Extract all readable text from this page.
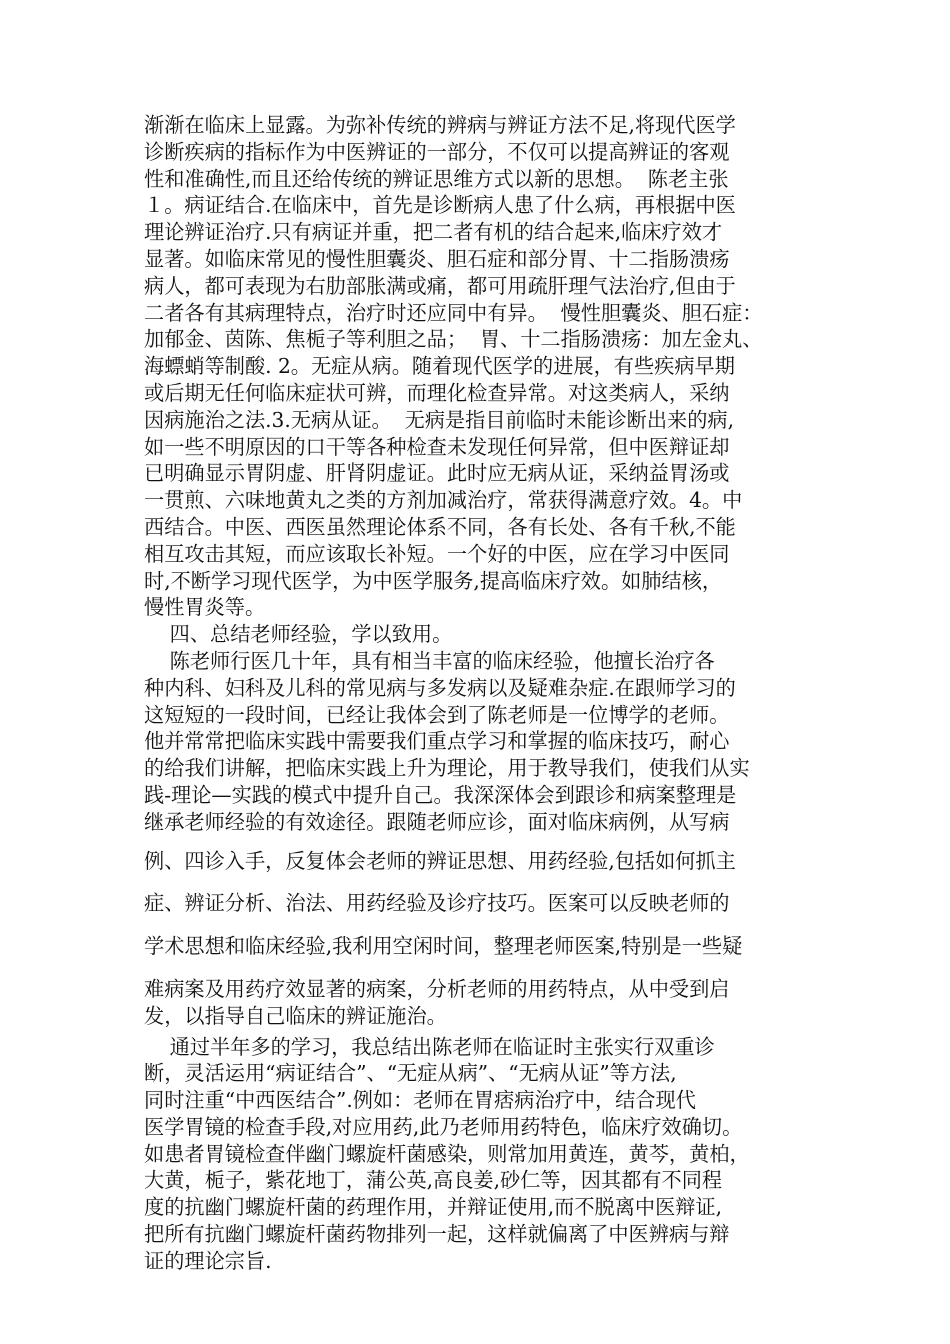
渐渐在临床上显露。为弥补传统的辨病与辨证方法不足,将现代医学
诊断疾病的指标作为中医辨证的一部分，不仅可以提高辨证的客观
性和准确性,而且还给传统的辨证思维方式以新的思想。  陈老主张
１。病证结合.在临床中，首先是诊断病人患了什么病，再根据中医
理论辨证治疗.只有病证并重，把二者有机的结合起来,临床疗效才
显著。如临床常见的慢性胆囊炎、胆石症和部分胃、十二指肠溃疡
病人，都可表现为右肋部胀满或痛，都可用疏肝理气法治疗,但由于
二者各有其病理特点，治疗时还应同中有异。  慢性胆囊炎、胆石症：
加郁金、茵陈、焦栀子等利胆之品；  胃、十二指肠溃疡：加左金丸、
海螵蛸等制酸. 2。无症从病。随着现代医学的进展，有些疾病早期
或后期无任何临床症状可辨，而理化检查异常。对这类病人，采纳
因病施治之法.3.无病从证。  无病是指目前临时未能诊断出来的病,
如一些不明原因的口干等各种检查未发现任何异常，但中医辩证却
已明确显示胃阴虚、肝肾阴虚证。此时应无病从证，采纳益胃汤或
一贯煎、六味地黄丸之类的方剂加减治疗，常获得满意疗效。4。中
西结合。中医、西医虽然理论体系不同，各有长处、各有千秋,不能
相互攻击其短，而应该取长补短。一个好的中医，应在学习中医同
时,不断学习现代医学，为中医学服务,提高临床疗效。如肺结核，
慢性胃炎等。
四、总结老师经验，学以致用。
陈老师行医几十年，具有相当丰富的临床经验，他擅长治疗各
种内科、妇科及儿科的常见病与多发病以及疑难杂症.在跟师学习的
这短短的一段时间，已经让我体会到了陈老师是一位博学的老师。
他并常常把临床实践中需要我们重点学习和掌握的临床技巧，耐心
的给我们讲解，把临床实践上升为理论，用于教导我们，使我们从实
践-理论—实践的模式中提升自己。我深深体会到跟诊和病案整理是
继承老师经验的有效途径。跟随老师应诊，面对临床病例，从写病
例、四诊入手，反复体会老师的辨证思想、用药经验,包括如何抓主
症、辨证分析、治法、用药经验及诊疗技巧。医案可以反映老师的
学术思想和临床经验,我利用空闲时间，整理老师医案,特别是一些疑
难病案及用药疗效显著的病案，分析老师的用药特点，从中受到启
发，以指导自己临床的辨证施治。
通过半年多的学习，我总结出陈老师在临证时主张实行双重诊
断，灵活运用“病证结合”、“无症从病”、“无病从证”等方法,
同时注重“中西医结合”.例如：老师在胃痞病治疗中，结合现代
医学胃镜的检查手段,对应用药,此乃老师用药特色，临床疗效确切。
如患者胃镜检查伴幽门螺旋杆菌感染，则常加用黄连，黄芩，黄柏，
大黄，栀子，紫花地丁，蒲公英,高良姜,砂仁等，因其都有不同程
度的抗幽门螺旋杆菌的药理作用，并辩证使用,而不脱离中医辩证,
把所有抗幽门螺旋杆菌药物排列一起，这样就偏离了中医辨病与辩
证的理论宗旨.
